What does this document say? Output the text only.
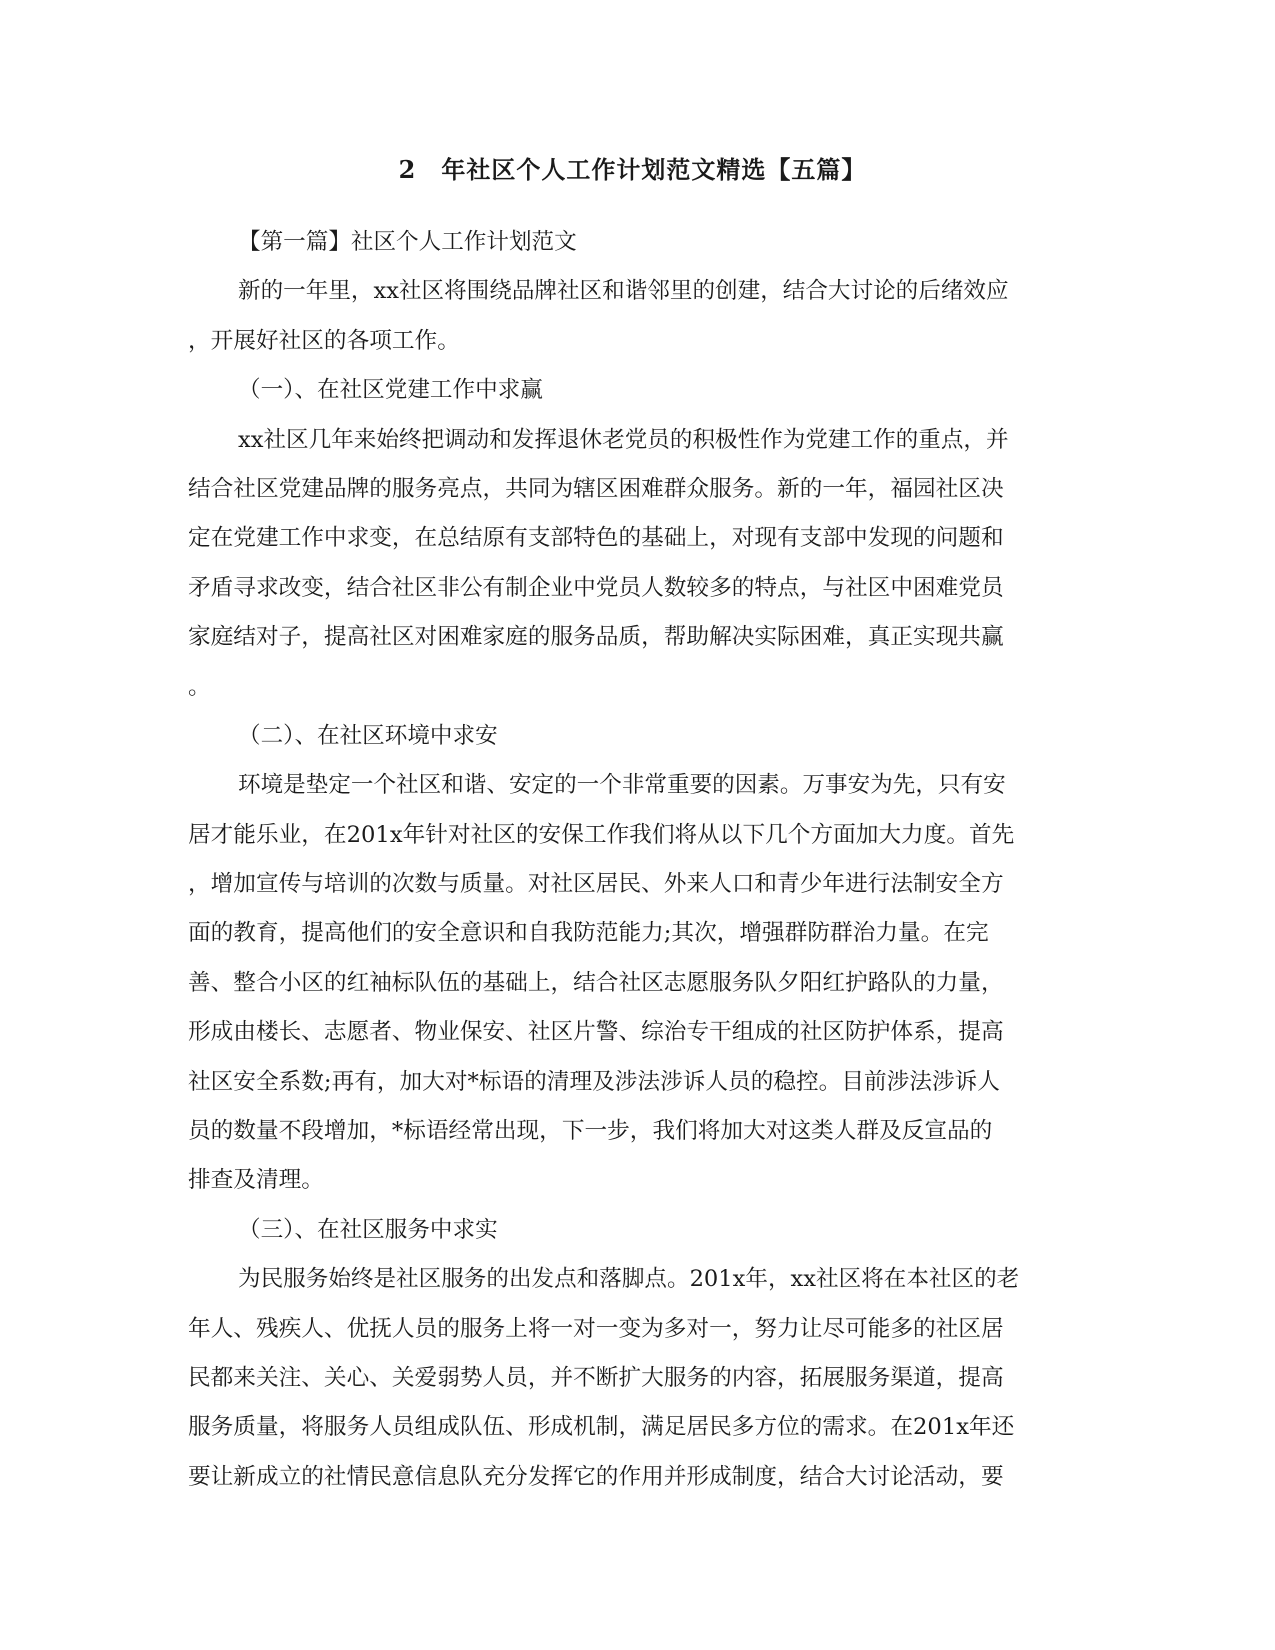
2　年社区个人工作计划范文精选【五篇】
【第一篇】社区个人工作计划范文
新的一年里，xx社区将围绕品牌社区和谐邻里的创建，结合大讨论的后绪效应
，开展好社区的各项工作。
（一）、在社区党建工作中求赢
xx社区几年来始终把调动和发挥退休老党员的积极性作为党建工作的重点，并
结合社区党建品牌的服务亮点，共同为辖区困难群众服务。新的一年，福园社区决
定在党建工作中求变，在总结原有支部特色的基础上，对现有支部中发现的问题和
矛盾寻求改变，结合社区非公有制企业中党员人数较多的特点，与社区中困难党员
家庭结对子，提高社区对困难家庭的服务品质，帮助解决实际困难，真正实现共赢
。
（二）、在社区环境中求安
环境是垫定一个社区和谐、安定的一个非常重要的因素。万事安为先，只有安
居才能乐业，在201x年针对社区的安保工作我们将从以下几个方面加大力度。首先
，增加宣传与培训的次数与质量。对社区居民、外来人口和青少年进行法制安全方
面的教育，提高他们的安全意识和自我防范能力;其次，增强群防群治力量。在完
善、整合小区的红袖标队伍的基础上，结合社区志愿服务队夕阳红护路队的力量，
形成由楼长、志愿者、物业保安、社区片警、综治专干组成的社区防护体系，提高
社区安全系数;再有，加大对*标语的清理及涉法涉诉人员的稳控。目前涉法涉诉人
员的数量不段增加，*标语经常出现，下一步，我们将加大对这类人群及反宣品的
排查及清理。
（三）、在社区服务中求实
为民服务始终是社区服务的出发点和落脚点。201x年，xx社区将在本社区的老
年人、残疾人、优抚人员的服务上将一对一变为多对一，努力让尽可能多的社区居
民都来关注、关心、关爱弱势人员，并不断扩大服务的内容，拓展服务渠道，提高
服务质量，将服务人员组成队伍、形成机制，满足居民多方位的需求。在201x年还
要让新成立的社情民意信息队充分发挥它的作用并形成制度，结合大讨论活动，要
